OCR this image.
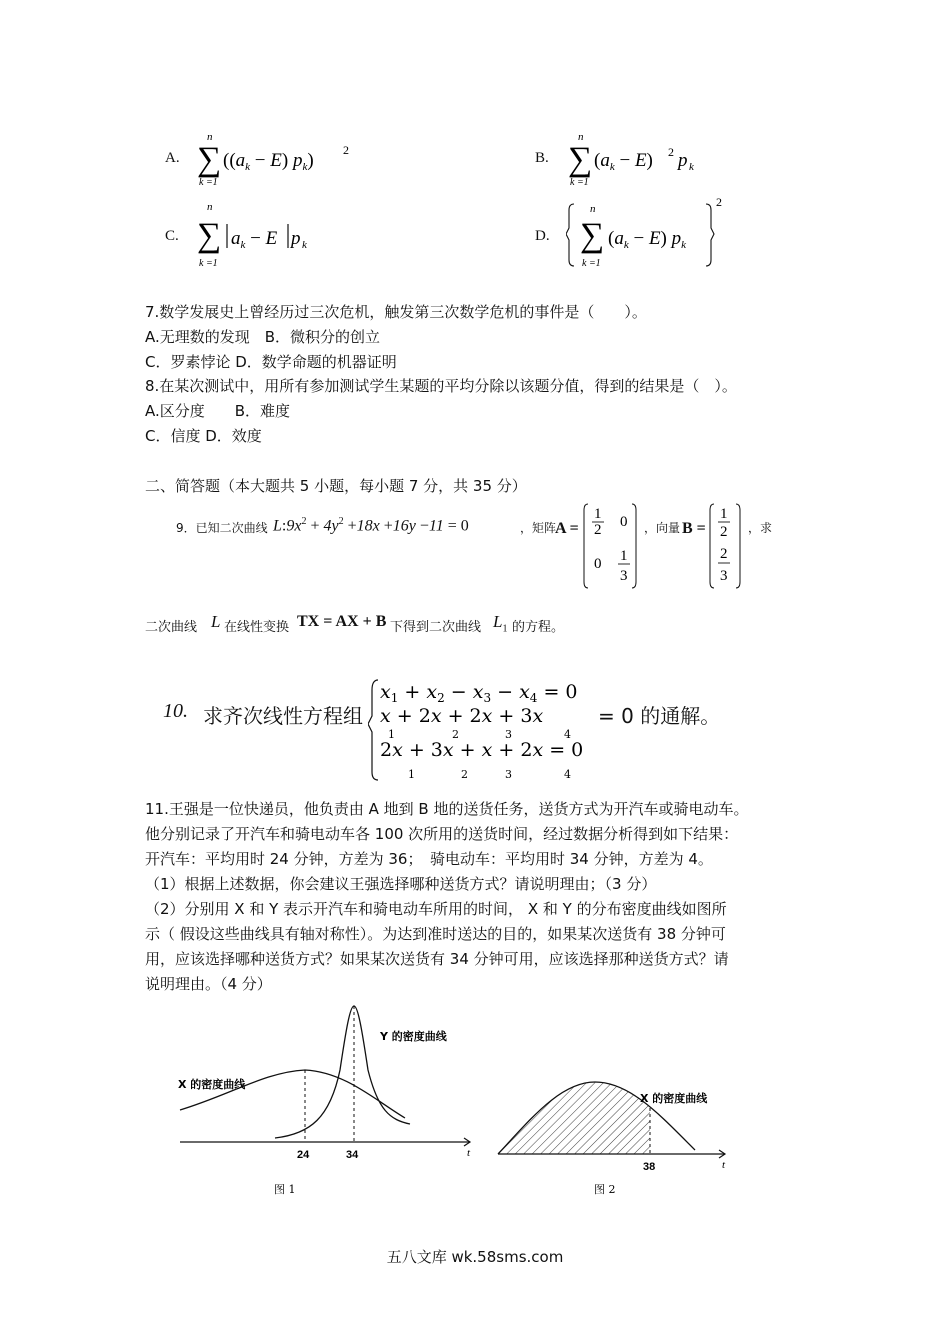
A.
n
∑
k =1
($(a_k - E)$ $p_k$) 2	B.
n
∑
k =1
$(a_k - E)$ 2 p k
C.
n
∑
k =1
$a_k - E$ p k
D.
n
∑
k =1
$(a_k - E)$ $p_k$
2
7.数学发展史上曾经历过三次危机，触发第三次数学危机的事件是（　　）。
A.无理数的发现　B．微积分的创立
C．罗素悖论 D．数学命题的机器证明
8.在某次测试中，用所有参加测试学生某题的平均分除以该题分值，得到的结果是（　）。
A.区分度　　B．难度
C．信度 D．效度
二、简答题（本大题共 5 小题，每小题 7 分，共 35 分）
9．已知二次曲线 $L:9x^2 + 4y^2 +18x +16y -11 = 0$	，矩阵
A =
1
2 0
0 1
3
，向量 B =
1
2
2
3
，求
二次曲线 L 在线性变换 TX = AX + B 下得到二次曲线 $L_1$ 的方程。
10. 求齐次线性方程组
$x_1 + x_2 - x_3 - x_4 = 0$
x + 2x + 2x + 3x
1	2	3	4
2x + 3x + x + 2x = 0
1	2	3	4
= 0 的通解。
11.王强是一位快递员，他负责由 A 地到 B 地的送货任务，送货方式为开汽车或骑电动车。
他分别记录了开汽车和骑电动车各 100 次所用的送货时间，经过数据分析得到如下结果：
开汽车：平均用时 24 分钟，方差为 36；　骑电动车：平均用时 34 分钟，方差为 4。
（1）根据上述数据，你会建议王强选择哪种送货方式？请说明理由；（3 分）
（2）分别用 X 和 Y 表示开汽车和骑电动车所用的时间， X 和 Y 的分布密度曲线如图所
示（ 假设这些曲线具有轴对称性）。为达到准时送达的目的，如果某次送货有 38 分钟可
用，应该选择哪种送货方式？如果某次送货有 34 分钟可用，应该选择那种送货方式？请
说明理由。（4 分）
X 的密度曲线
Y 的密度曲线
24	34	t
图 1
X 的密度曲线
38	t
图 2
五八文库 wk.58sms.com
